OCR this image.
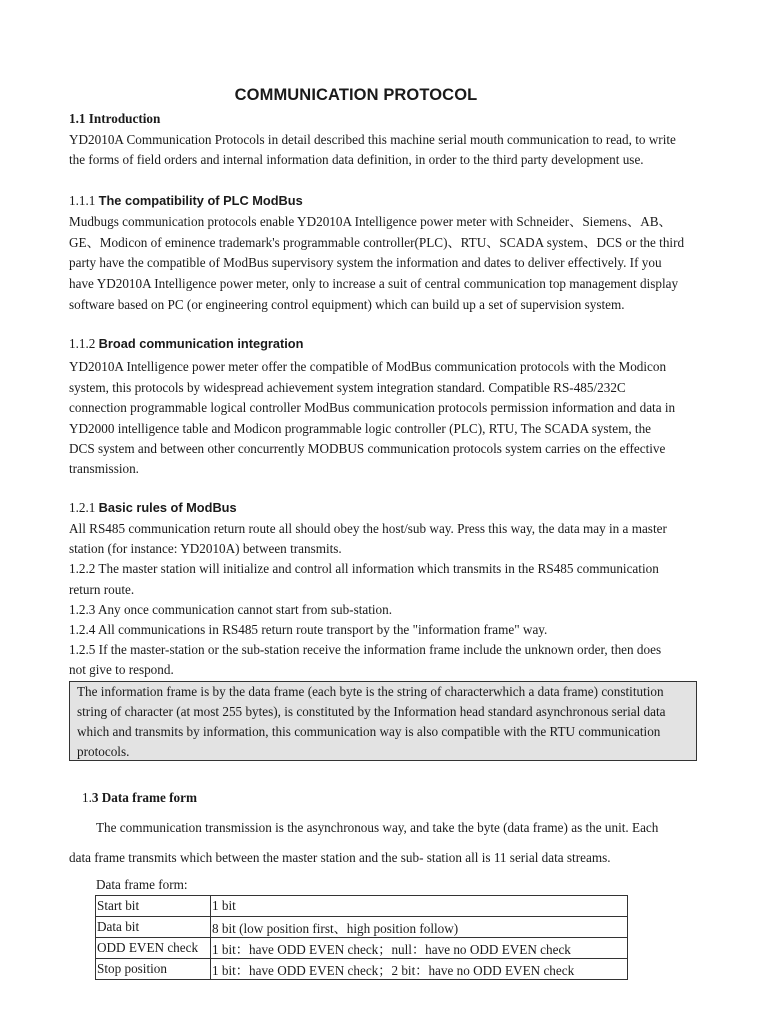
COMMUNICATION PROTOCOL
1.1 Introduction
YD2010A Communication Protocols in detail described this machine serial mouth communication to read, to write
the forms of field orders and internal information data definition, in order to the third party development use.
1.1.1 The compatibility of PLC ModBus
Mudbugs communication protocols enable YD2010A Intelligence power meter with Schneider、Siemens、AB、
GE、Modicon of eminence trademark's programmable controller(PLC)、RTU、SCADA system、DCS or the third
party have the compatible of ModBus supervisory system the information and dates to deliver effectively. If you
have YD2010A Intelligence power meter, only to increase a suit of central communication top management display
software based on PC (or engineering control equipment) which can build up a set of supervision system.
1.1.2 Broad communication integration
YD2010A Intelligence power meter offer the compatible of ModBus communication protocols with the Modicon
system, this protocols by widespread achievement system integration standard. Compatible RS-485/232C
connection programmable logical controller ModBus communication protocols permission information and data in
YD2000 intelligence table and Modicon programmable logic controller (PLC), RTU, The SCADA system, the
DCS system and between other concurrently MODBUS communication protocols system carries on the effective
transmission.
1.2.1 Basic rules of ModBus
All RS485 communication return route all should obey the host/sub way. Press this way, the data may in a master
station (for instance: YD2010A) between transmits.
1.2.2 The master station will initialize and control all information which transmits in the RS485 communication
return route.
1.2.3 Any once communication cannot start from sub-station.
1.2.4 All communications in RS485 return route transport by the "information frame" way.
1.2.5 If the master-station or the sub-station receive the information frame include the unknown order, then does
not give to respond.
The information frame is by the data frame (each byte is the string of characterwhich a data frame) constitution
string of character (at most 255 bytes), is constituted by the Information head standard asynchronous serial data
which and transmits by information, this communication way is also compatible with the RTU communication
protocols.
1.3 Data frame form
The communication transmission is the asynchronous way, and take the byte (data frame) as the unit. Each
data frame transmits which between the master station and the sub- station all is 11 serial data streams.
Data frame form:
Start bit	1 bit
Data bit	8 bit (low position first、high position follow)
ODD EVEN check	1 bit：have ODD EVEN check；null：have no ODD EVEN check
Stop position	1 bit：have ODD EVEN check；2 bit：have no ODD EVEN check
